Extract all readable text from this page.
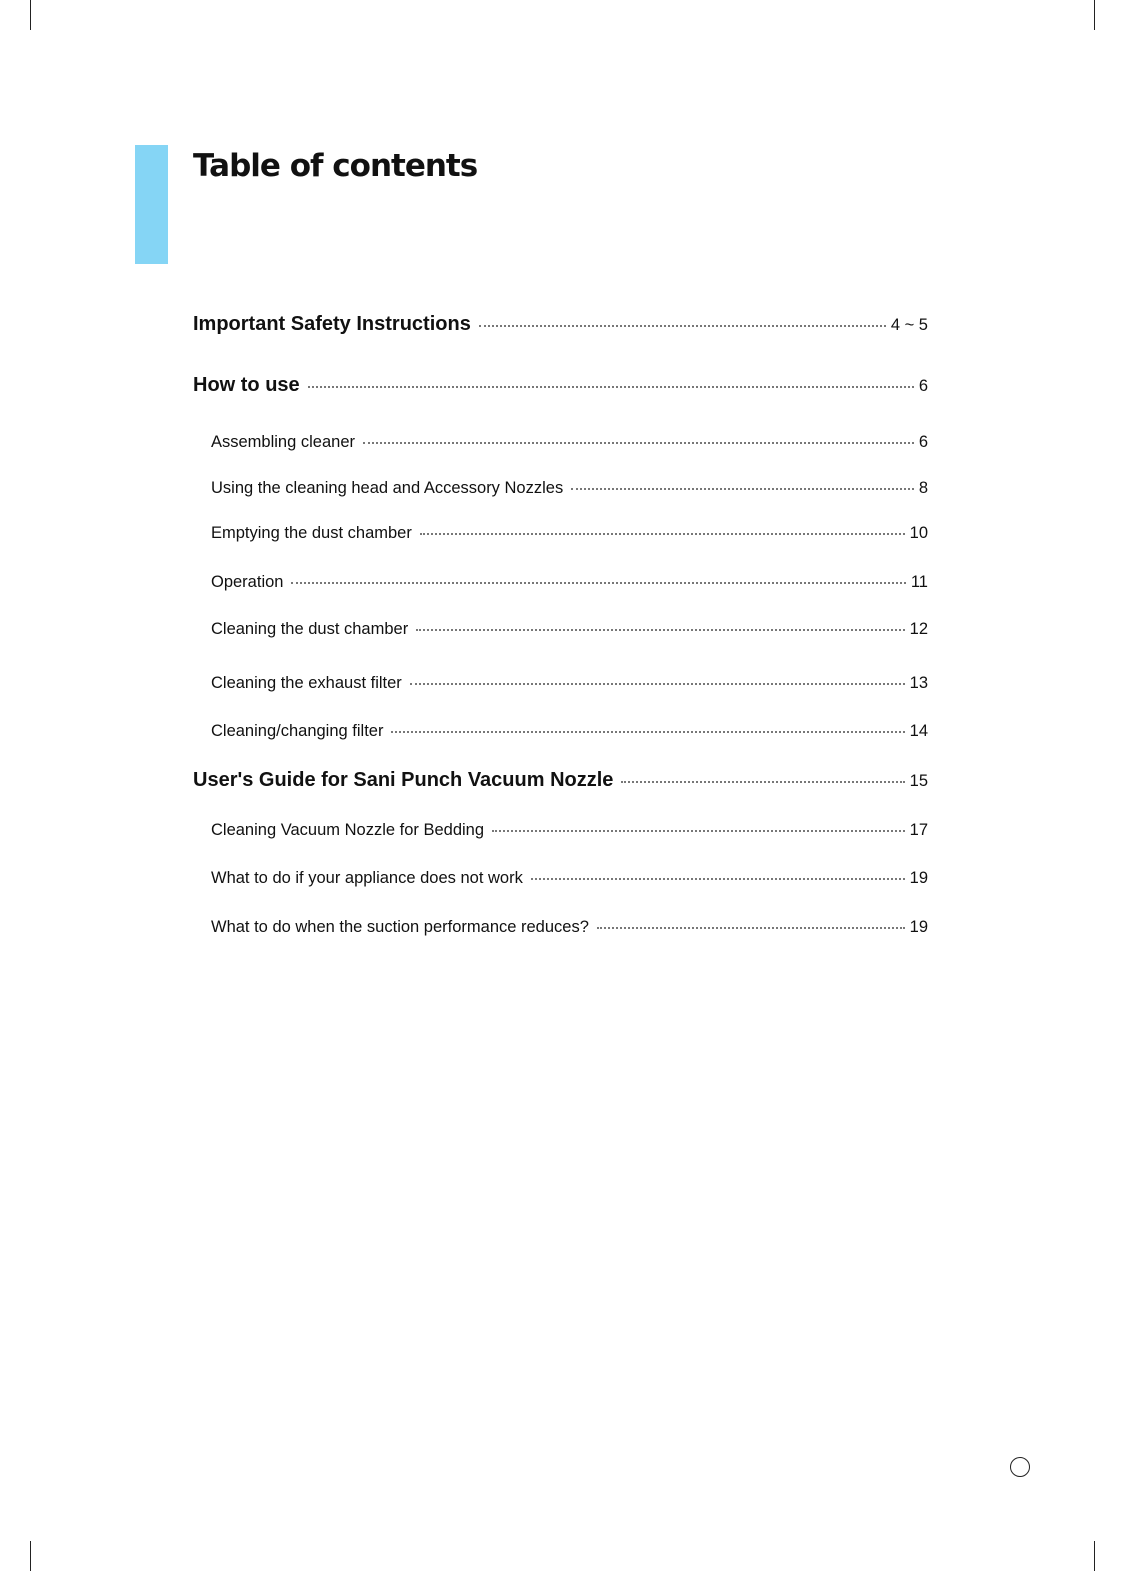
Table of contents
Important Safety Instructions	4 ~ 5
How to use	6
Assembling cleaner	6
Using the cleaning head and Accessory Nozzles	8
Emptying the dust chamber	10
Operation	11
Cleaning the dust chamber	12
Cleaning the exhaust filter	13
Cleaning/changing filter	14
User's Guide for Sani Punch Vacuum Nozzle	15
Cleaning Vacuum Nozzle for Bedding	17
What to do if your appliance does not work	19
What to do when the suction performance reduces?	19
